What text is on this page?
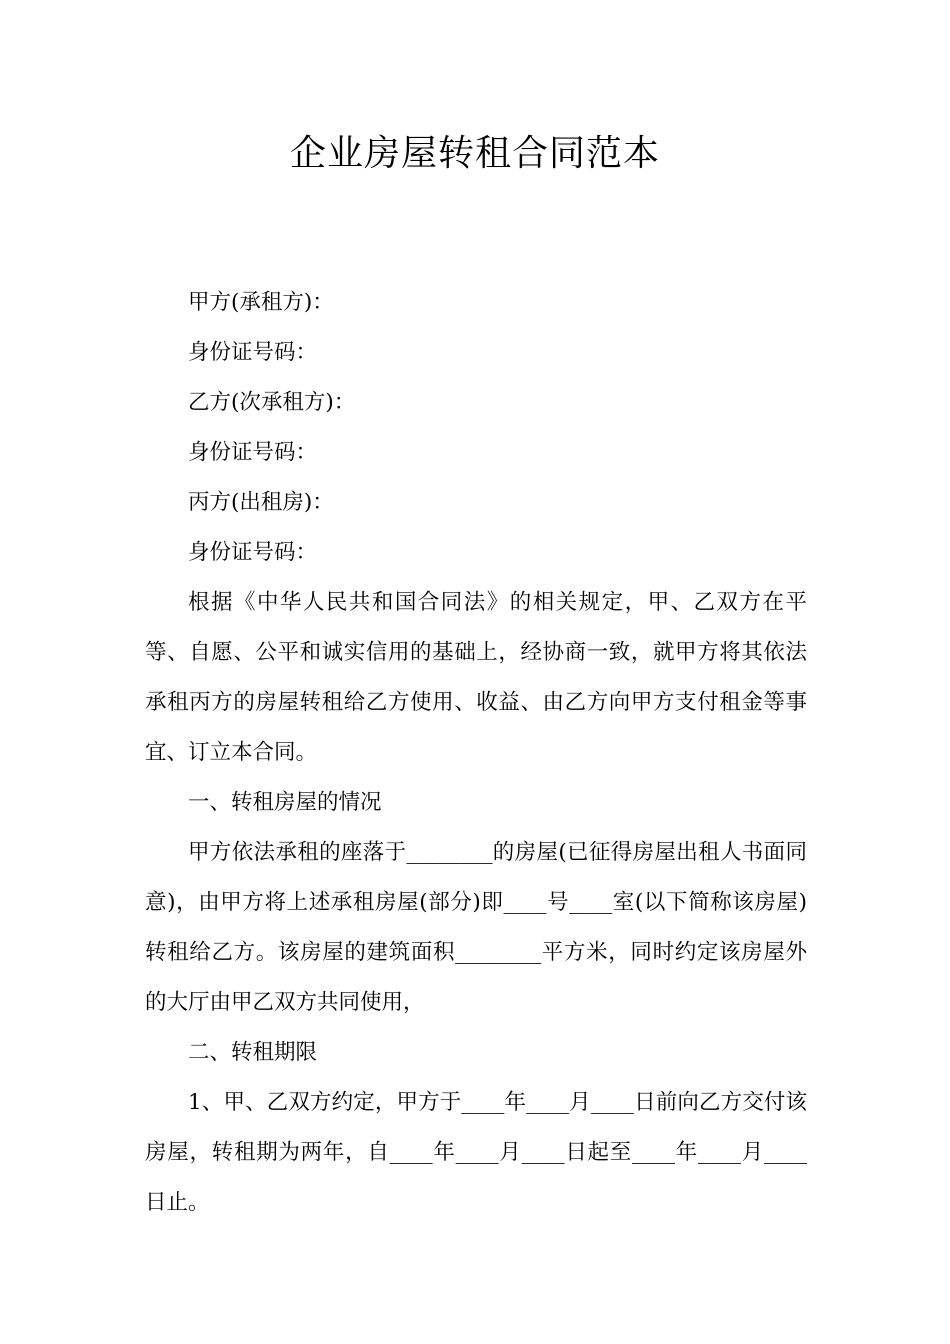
企业房屋转租合同范本

甲方(承租方)：

身份证号码：

乙方(次承租方)：

身份证号码：

丙方(出租房)：

身份证号码：

根据《中华人民共和国合同法》的相关规定，甲、乙双方在平等、自愿、公平和诚实信用的基础上，经协商一致，就甲方将其依法承租丙方的房屋转租给乙方使用、收益、由乙方向甲方支付租金等事宜、订立本合同。

一、转租房屋的情况

甲方依法承租的座落于________的房屋(已征得房屋出租人书面同意)，由甲方将上述承租房屋(部分)即____号____室(以下简称该房屋)转租给乙方。该房屋的建筑面积________平方米，同时约定该房屋外的大厅由甲乙双方共同使用，

二、转租期限

1、甲、乙双方约定，甲方于____年____月____日前向乙方交付该房屋，转租期为两年，自____年____月____日起至____年____月____日止。
